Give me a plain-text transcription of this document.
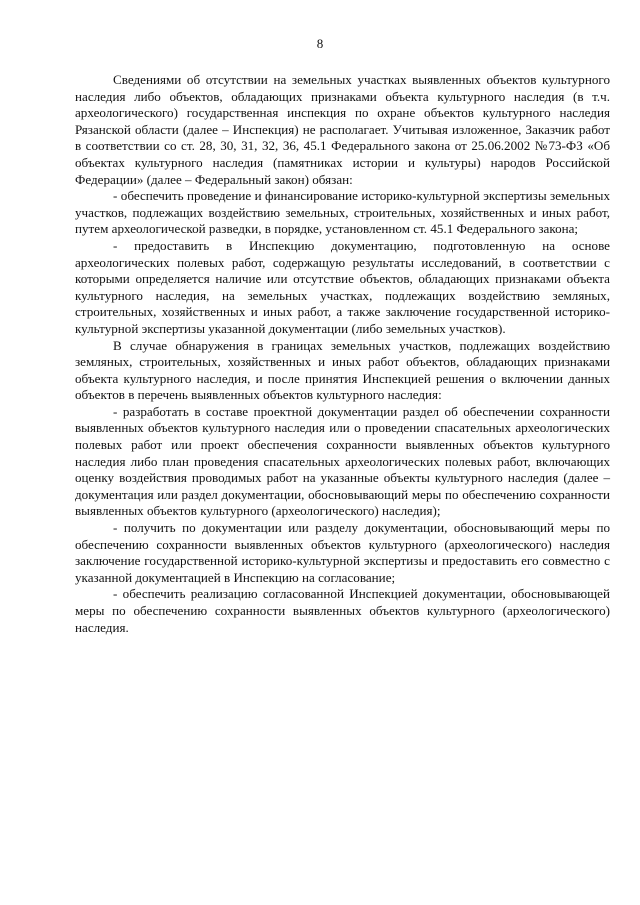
8

Сведениями об отсутствии на земельных участках выявленных объектов культурного наследия либо объектов, обладающих признаками объекта культурного наследия (в т.ч. археологического) государственная инспекция по охране объектов культурного наследия Рязанской области (далее – Инспекция) не располагает. Учитывая изложенное, Заказчик работ в соответствии со ст. 28, 30, 31, 32, 36, 45.1 Федерального закона от 25.06.2002 №73-ФЗ «Об объектах культурного наследия (памятниках истории и культуры) народов Российской Федерации» (далее – Федеральный закон) обязан:

- обеспечить проведение и финансирование историко-культурной экспертизы земельных участков, подлежащих воздействию земельных, строительных, хозяйственных и иных работ, путем археологической разведки, в порядке, установленном ст. 45.1 Федерального закона;

- предоставить в Инспекцию документацию, подготовленную на основе археологических полевых работ, содержащую результаты исследований, в соответствии с которыми определяется наличие или отсутствие объектов, обладающих признаками объекта культурного наследия, на земельных участках, подлежащих воздействию земляных, строительных, хозяйственных и иных работ, а также заключение государственной историко-культурной экспертизы указанной документации (либо земельных участков).

В случае обнаружения в границах земельных участков, подлежащих воздействию земляных, строительных, хозяйственных и иных работ объектов, обладающих признаками объекта культурного наследия, и после принятия Инспекцией решения о включении данных объектов в перечень выявленных объектов культурного наследия:

- разработать в составе проектной документации раздел об обеспечении сохранности выявленных объектов культурного наследия или о проведении спасательных археологических полевых работ или проект обеспечения сохранности выявленных объектов культурного наследия либо план проведения спасательных археологических полевых работ, включающих оценку воздействия проводимых работ на указанные объекты культурного наследия (далее – документация или раздел документации, обосновывающий меры по обеспечению сохранности выявленных объектов культурного (археологического) наследия);

- получить по документации или разделу документации, обосновывающий меры по обеспечению сохранности выявленных объектов культурного (археологического) наследия заключение государственной историко-культурной экспертизы и предоставить его совместно с указанной документацией в Инспекцию на согласование;

- обеспечить реализацию согласованной Инспекцией документации, обосновывающей меры по обеспечению сохранности выявленных объектов культурного (археологического) наследия.
